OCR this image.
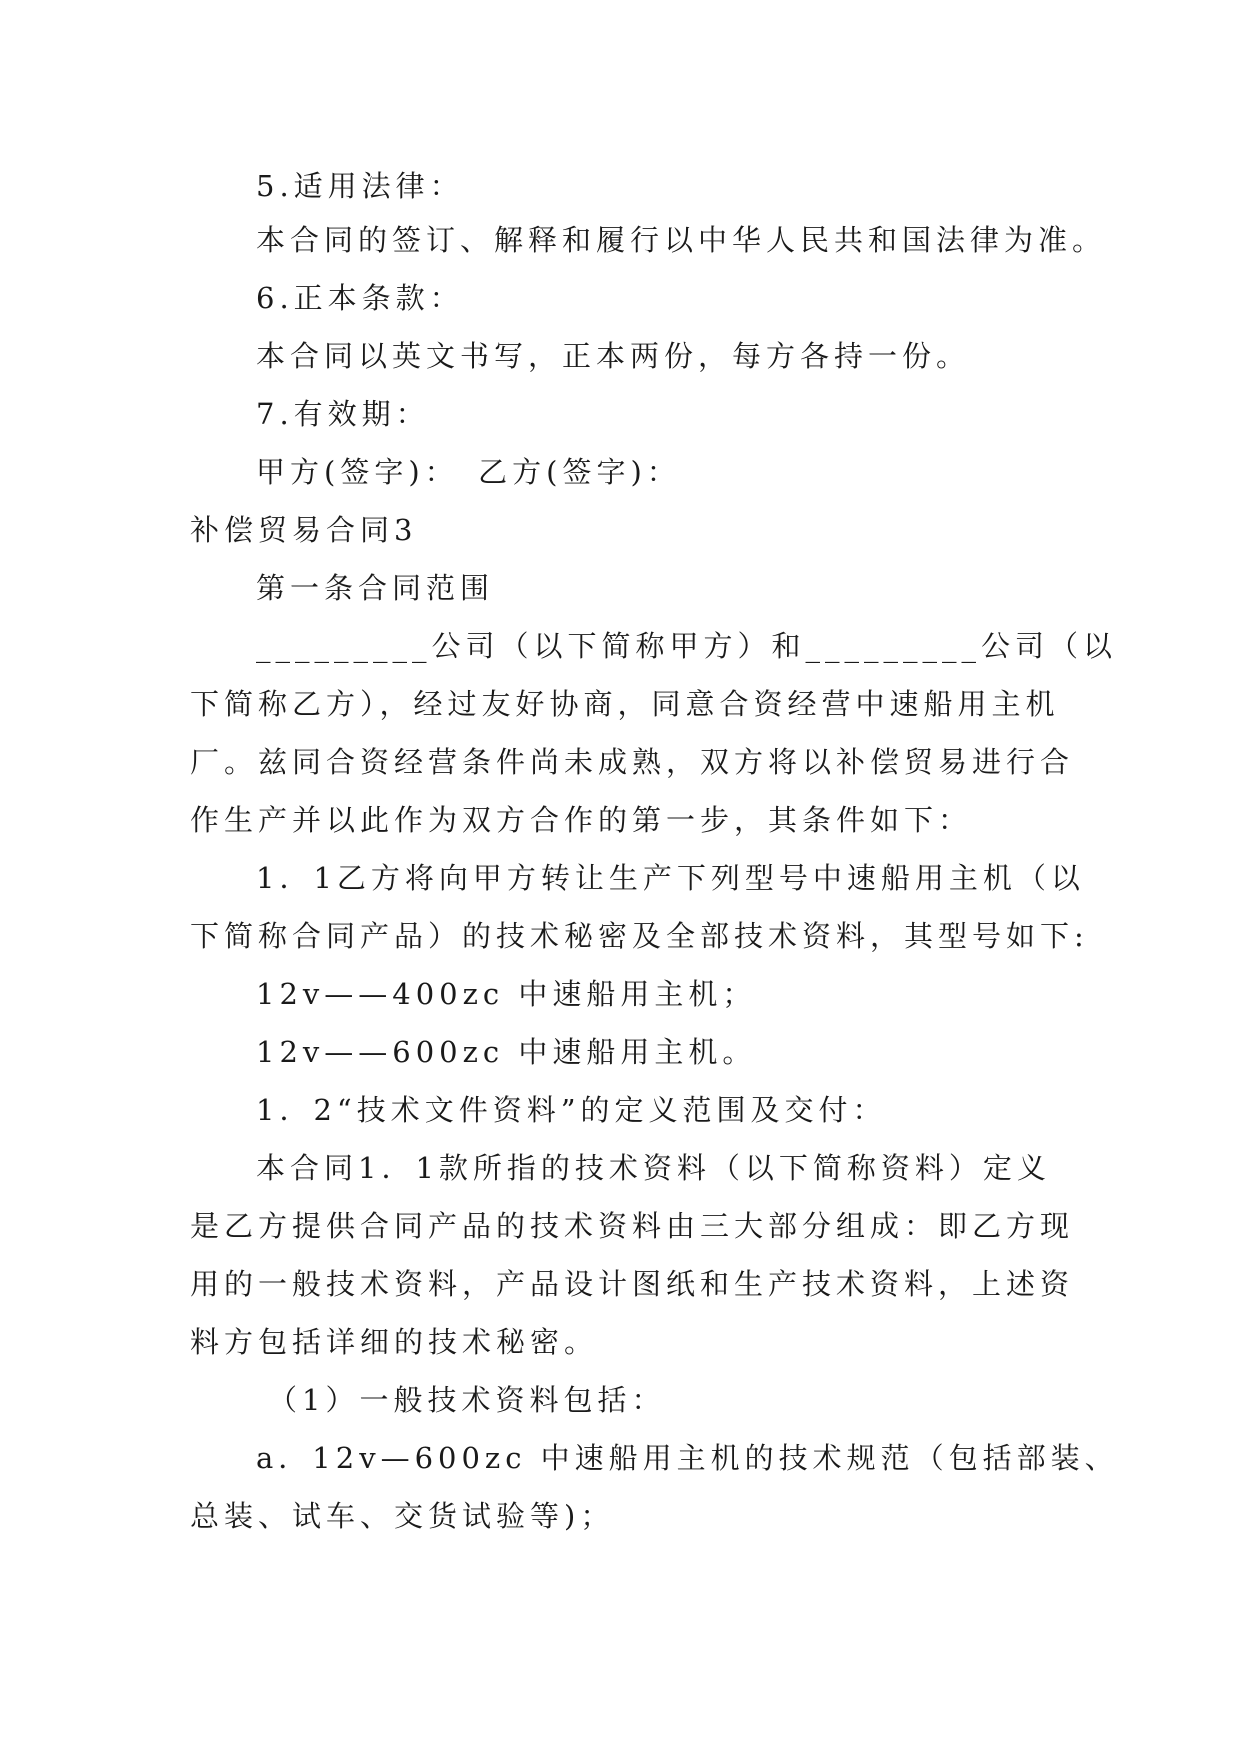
5.适用法律：
本合同的签订、解释和履行以中华人民共和国法律为准。
6.正本条款：
本合同以英文书写，正本两份，每方各持一份。
7.有效期：
甲方(签字)：　乙方(签字)：
补偿贸易合同3
第一条合同范围
_________公司（以下简称甲方）和_________公司（以
下简称乙方），经过友好协商，同意合资经营中速船用主机
厂。兹同合资经营条件尚未成熟，双方将以补偿贸易进行合
作生产并以此作为双方合作的第一步，其条件如下：
1．1乙方将向甲方转让生产下列型号中速船用主机（以
下简称合同产品）的技术秘密及全部技术资料，其型号如下:
12v——400zc 中速船用主机；
12v——600zc 中速船用主机。
1．2“技术文件资料”的定义范围及交付：
本合同1．1款所指的技术资料（以下简称资料）定义
是乙方提供合同产品的技术资料由三大部分组成：即乙方现
用的一般技术资料，产品设计图纸和生产技术资料，上述资
料方包括详细的技术秘密。
（1）一般技术资料包括：
a．12v—600zc 中速船用主机的技术规范（包括部装、
总装、试车、交货试验等)；
